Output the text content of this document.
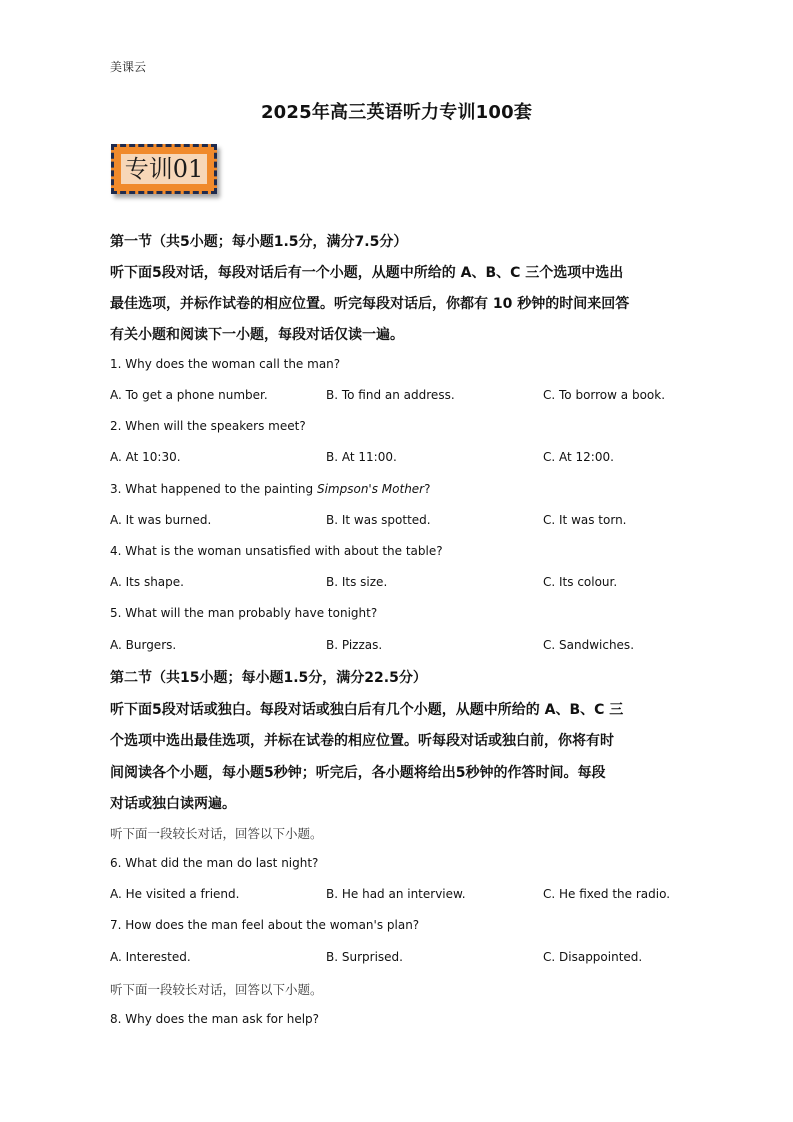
美课云
2025年高三英语听力专训100套
专训01
第一节（共5小题；每小题1.5分，满分7.5分）
听下面5段对话，每段对话后有一个小题，从题中所给的 A、B、C 三个选项中选出
最佳选项，并标作试卷的相应位置。听完每段对话后，你都有 10 秒钟的时间来回答
有关小题和阅读下一小题，每段对话仅读一遍。
1. Why does the woman call the man?
A. To get a phone number.	B. To find an address.	C. To borrow a book.
2. When will the speakers meet?
A. At 10:30.	B. At 11:00.	C. At 12:00.
3. What happened to the painting Simpson's Mother?
A. It was burned.	B. It was spotted.	C. It was torn.
4. What is the woman unsatisfied with about the table?
A. Its shape.	B. Its size.	C. Its colour.
5. What will the man probably have tonight?
A. Burgers.	B. Pizzas.	C. Sandwiches.
第二节（共15小题；每小题1.5分，满分22.5分）
听下面5段对话或独白。每段对话或独白后有几个小题，从题中所给的 A、B、C 三
个选项中选出最佳选项，并标在试卷的相应位置。听每段对话或独白前，你将有时
间阅读各个小题，每小题5秒钟；听完后，各小题将给出5秒钟的作答时间。每段
对话或独白读两遍。
听下面一段较长对话，回答以下小题。
6. What did the man do last night?
A. He visited a friend.	B. He had an interview.	C. He fixed the radio.
7. How does the man feel about the woman's plan?
A. Interested.	B. Surprised.	C. Disappointed.
听下面一段较长对话，回答以下小题。
8. Why does the man ask for help?
